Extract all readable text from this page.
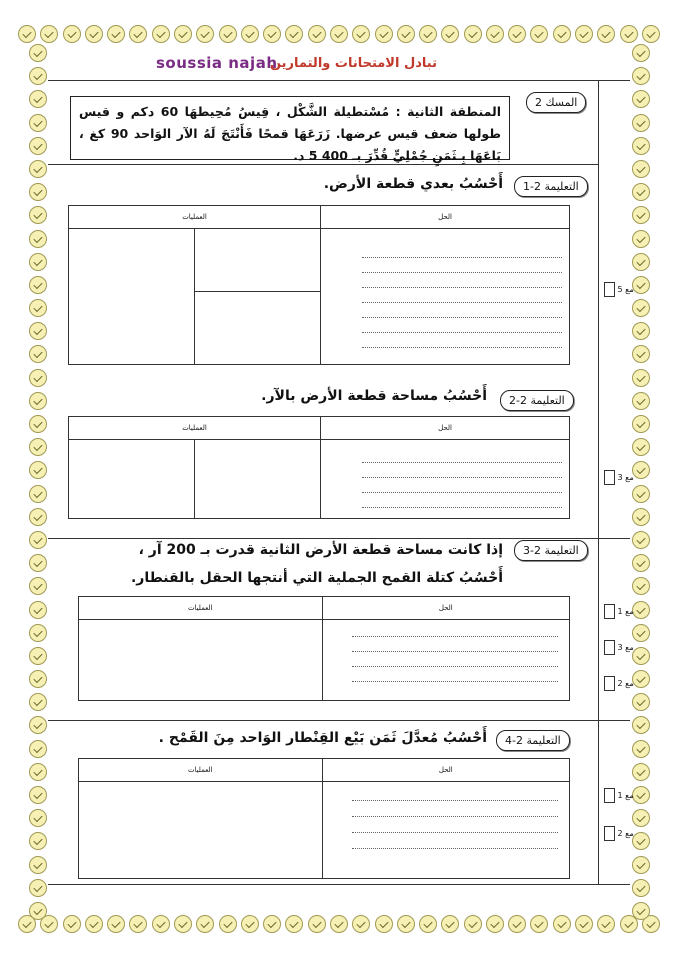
تبادل الامتحانات والتمارين
soussia najah
المسك 2
المنطقة الثانية : مُسْتطيلة الشَّكْل ، قِيسُ مُحِيطهَا 60 دكم و قيس طولها ضعف قيس عرضها. زَرَعَهَا قمحًا فَأَنْتَجَ لَهُ الآر الوَاحد 90 كغ ، بَاعَهَا بِـثَمَنٍ جُمْلِيٍّ قُدِّرَ بـ 400 5 د.
التعليمة 2-1
أَحْسُبُ بعدي قطعة الأرض.
العمليات		الحل

مع 5
التعليمة 2-2
أَحْسُبُ مساحة قطعة الأرض بالآر.
العمليات		الحل

مع 3
التعليمة 2-3
إذا كانت مساحة قطعة الأرض الثانية قدرت بـ 200 آر ،
أَحْسُبُ كتلة القمح الجملية التي أنتجها الحقل بالقنطار.
العمليات	الحل
		مع 1
مع 3
مع 2
التعليمة 2-4
أَحْسُبُ مُعدَّلَ ثَمَن بَيْع القِنْطار الوَاحد مِنَ القَمْح .
العمليات	الحل

مع 1
مع 2
